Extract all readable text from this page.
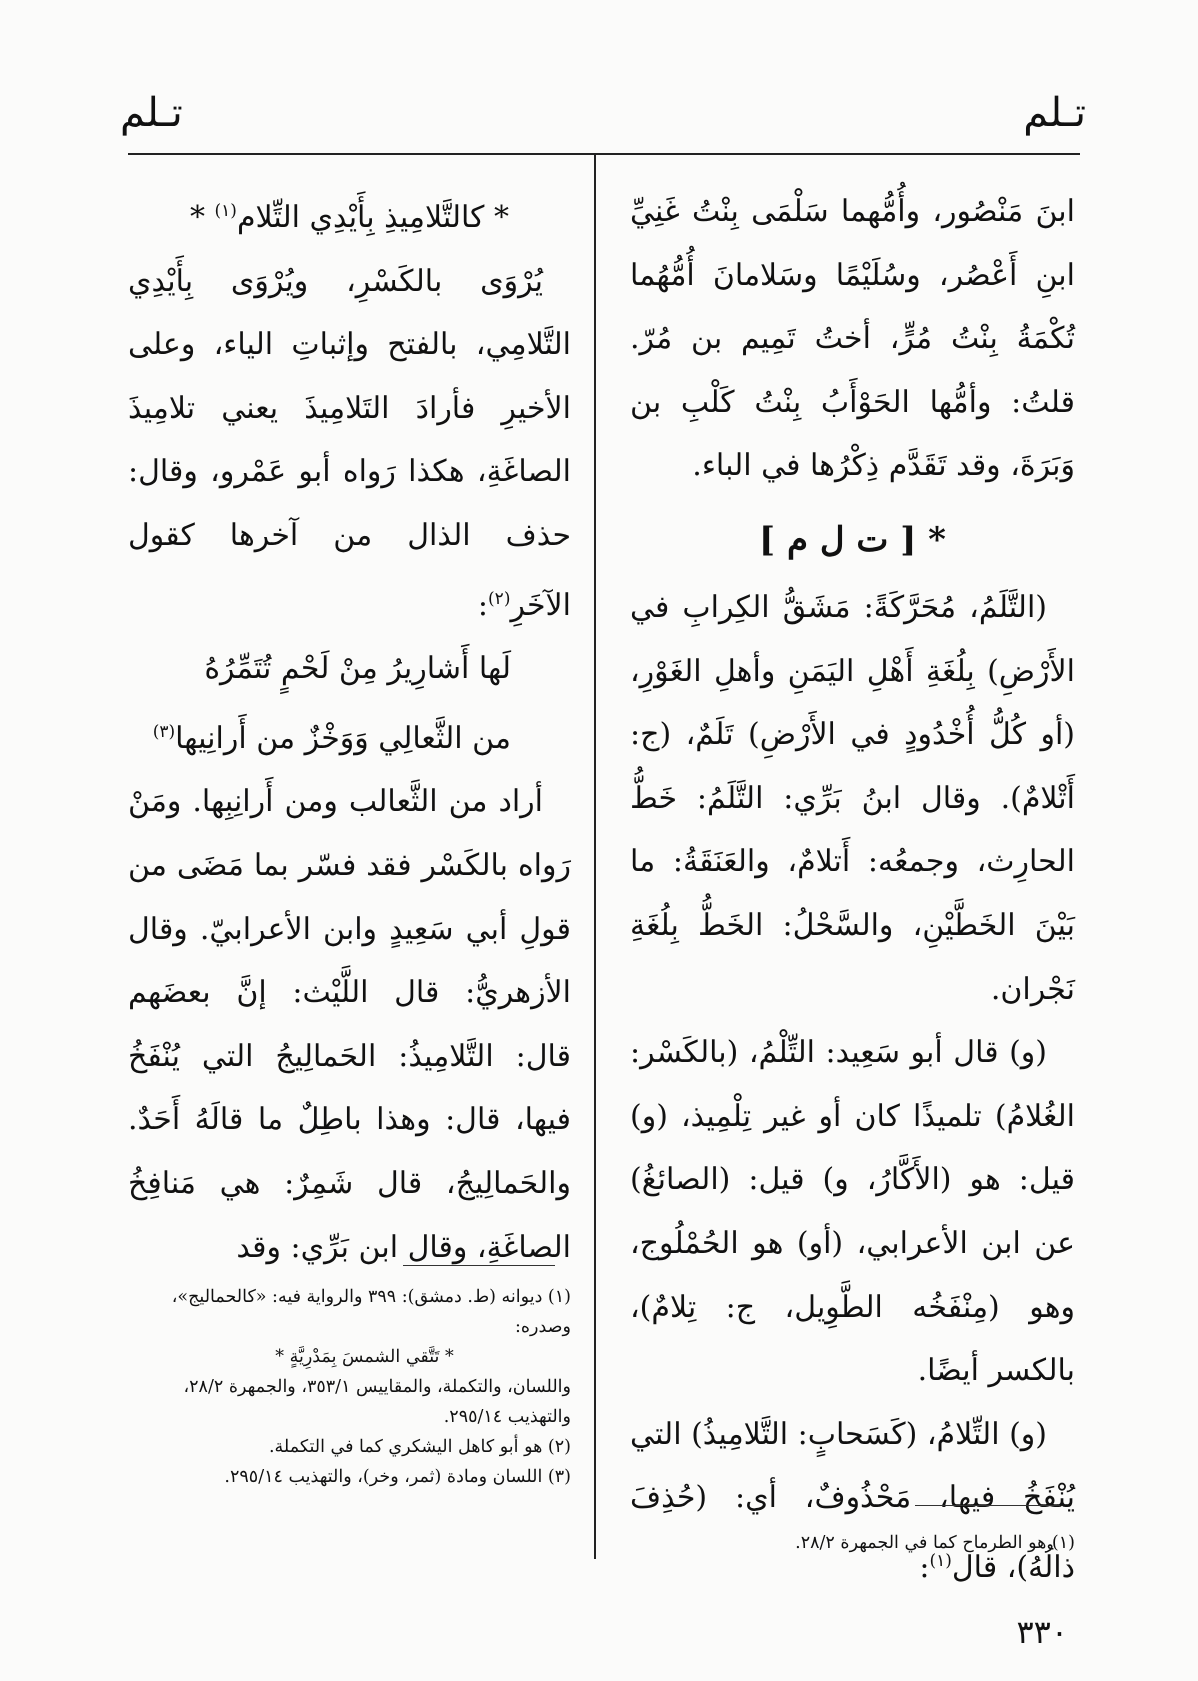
تـلم
تـلم

ابنَ مَنْصُور، وأُمُّهما سَلْمَى بِنْتُ غَنِيِّ ابنِ أَعْصُر، وسُلَيْمًا وسَلامانَ أُمُّهُما تُكْمَةُ بِنْتُ مُرٍّ، أختُ تَمِيم بن مُرّ. قلتُ: وأمُّها الحَوْأَبُ بِنْتُ كَلْبِ بن وَبَرَةَ، وقد تَقَدَّم ذِكْرُها في الباء.

* [ ت ل م ]

(التَّلَمُ، مُحَرَّكَةً: مَشَقُّ الكِرابِ في الأَرْضِ) بِلُغَةِ أَهْلِ اليَمَنِ وأهلِ الغَوْرِ، (أو كُلُّ أُخْدُودٍ في الأَرْضِ) تَلَمٌ، (ج: أَتْلامٌ). وقال ابنُ بَرِّي: التَّلَمُ: خَطُّ الحارِث، وجمعُه: أَتلامٌ، والعَنَقَةُ: ما بَيْنَ الخَطَّيْنِ، والسَّحْلُ: الخَطُّ بِلُغَةِ نَجْران.

(و) قال أبو سَعِيد: التِّلْمُ، (بالكَسْر: الغُلامُ) تلميذًا كان أو غير تِلْمِيذ، (و) قيل: هو (الأَكَّارُ، و) قيل: (الصائغُ) عن ابن الأعرابي، (أو) هو الحُمْلُوج، وهو (مِنْفَخُه الطَّوِيل، ج: تِلامٌ)، بالكسر أيضًا.

(و) التِّلامُ، (كَسَحابٍ: التَّلامِيذُ) التي يُنْفَخُ فيها، مَحْذُوفٌ، أي: (حُذِفَ ذالُهُ)، قال$^{(١)}$:

* كالتَّلامِيذِ بِأَيْدِي التِّلام$^{(١)}$ *

يُرْوَى بالكَسْرِ، ويُرْوَى بِأَيْدِي التَّلامِي، بالفتح وإثباتِ الياء، وعلى الأخيرِ فأرادَ التَلامِيذَ يعني تلامِيذَ الصاغَةِ، هكذا رَواه أبو عَمْرو، وقال: حذف الذال من آخرها كقول الآخَرِ$^{(٢)}$:

لَها أَشارِيرُ مِنْ لَحْمٍ تُتَمِّرُهُ

من الثَّعالِي وَوَخْزٌ من أَرانِيها$^{(٣)}$

أراد من الثَّعالب ومن أَرانِبِها. ومَنْ رَواه بالكَسْر فقد فسّر بما مَضَى من قولِ أبي سَعِيدٍ وابن الأعرابيّ. وقال الأزهريُّ: قال اللَّيْث: إنَّ بعضَهم قال: التَّلامِيذُ: الحَمالِيجُ التي يُنْفَخُ فيها، قال: وهذا باطِلٌ ما قالَهُ أَحَدٌ. والحَمالِيجُ، قال شَمِرٌ: هي مَنافِخُ الصاغَةِ، وقال ابن بَرِّي: وقد

(١) ديوانه (ط. دمشق): ٣٩٩ والرواية فيه: «كالحماليج»، وصدره:

* تَتَّقي الشمسَ بِمَدْرِيَّةٍ *

واللسان، والتكملة، والمقاييس ٣٥٣/١، والجمهرة ٢٨/٢، والتهذيب ٢٩٥/١٤.

(٢) هو أبو كاهل اليشكري كما في التكملة.

(٣) اللسان ومادة (ثمر، وخر)، والتهذيب ٢٩٥/١٤.

(١) هو الطرماح كما في الجمهرة ٢٨/٢.

٣٣٠
